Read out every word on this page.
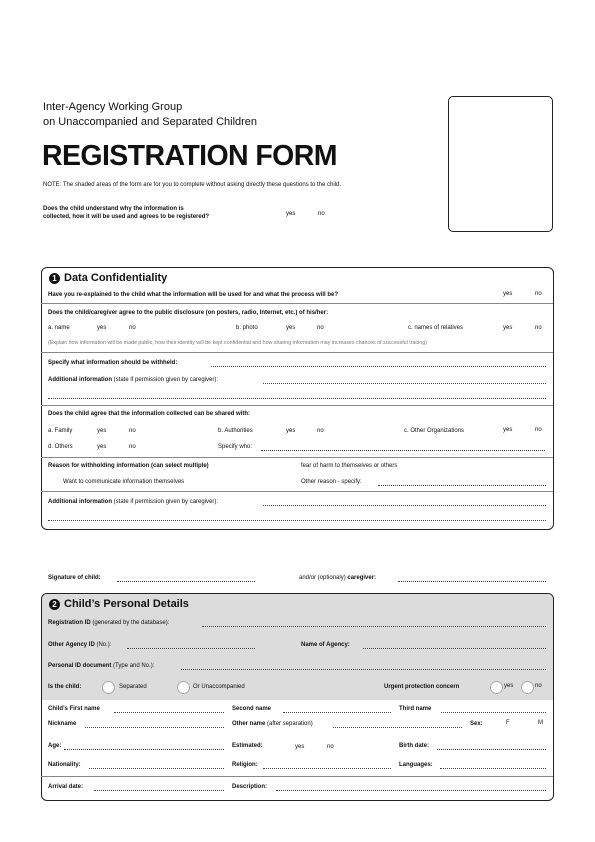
Inter-Agency Working Group
on Unaccompanied and Separated Children
REGISTRATION FORM
NOTE: The shaded areas of the form are for you to complete without asking directly these questions to the child.
Does the child understand why the information is
collected, how it will be used and agrees to be registered?	yes	no
1 Data Confidentiality
Have you re-explained to the child what the information will be used for and what the process will be?	yes	no
Does the child/caregiver agree to the public disclosure (on posters, radio, Internet, etc.) of his/her:
a. name	yes	no	b. photo	yes	no	c. names of relatives	yes	no
(Explain how information will be made public, how their identity will be kept confidential and how sharing information may increases chances of successful tracing)
Specify what information should be withheld:
Additional information (state if permission given by caregiver):
Does the child agree that the information collected can be shared with:
a. Family	yes	no	b. Authorities	yes	no	c. Other Organizations	yes	no
d. Others	yes	no	Specify who:
Reason for withholding information (can select multiple)	fear of harm to themselves or others
Want to communicate information themselves	Other reason - specify:
Additional information (state if permission given by caregiver):
Signature of child:	and/or (optionaly) caregiver:
2 Child’s Personal Details
Registration ID (generated by the database):
Other Agency ID (No.):	Name of Agency:
Personal ID document (Type and No.):
Is the child:	Separated	Or Unaccompanied	Urgent protection concern	yes	no
Child’s First name	Second name	Third name
Nickname	Other name (after separation)	Sex:	F	M
Age:	Estimated:	yes	no	Birth date:
Nationality:	Religion:	Languages:
Arrival date:	Description:
